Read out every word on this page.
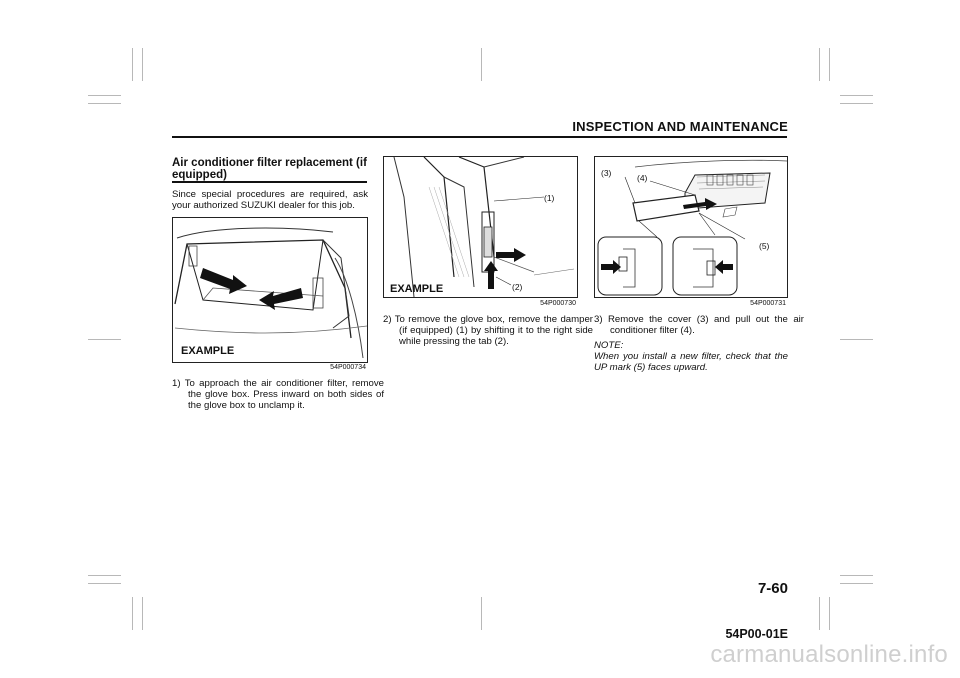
INSPECTION AND MAINTENANCE
Air conditioner filter replacement (if equipped)
Since special procedures are required, ask your authorized SUZUKI dealer for this job.
EXAMPLE
54P000734
1) To approach the air conditioner filter, remove the glove box. Press inward on both sides of the glove box to unclamp it.
(1)
(2)
EXAMPLE
54P000730
2) To remove the glove box, remove the damper (if equipped) (1) by shifting it to the right side while pressing the tab (2).
(3)	(4)
(5)
54P000731
3) Remove the cover (3) and pull out the air conditioner filter (4).
NOTE:
When you install a new filter, check that the UP mark (5) faces upward.
7-60
54P00-01E
carmanualsonline.info
